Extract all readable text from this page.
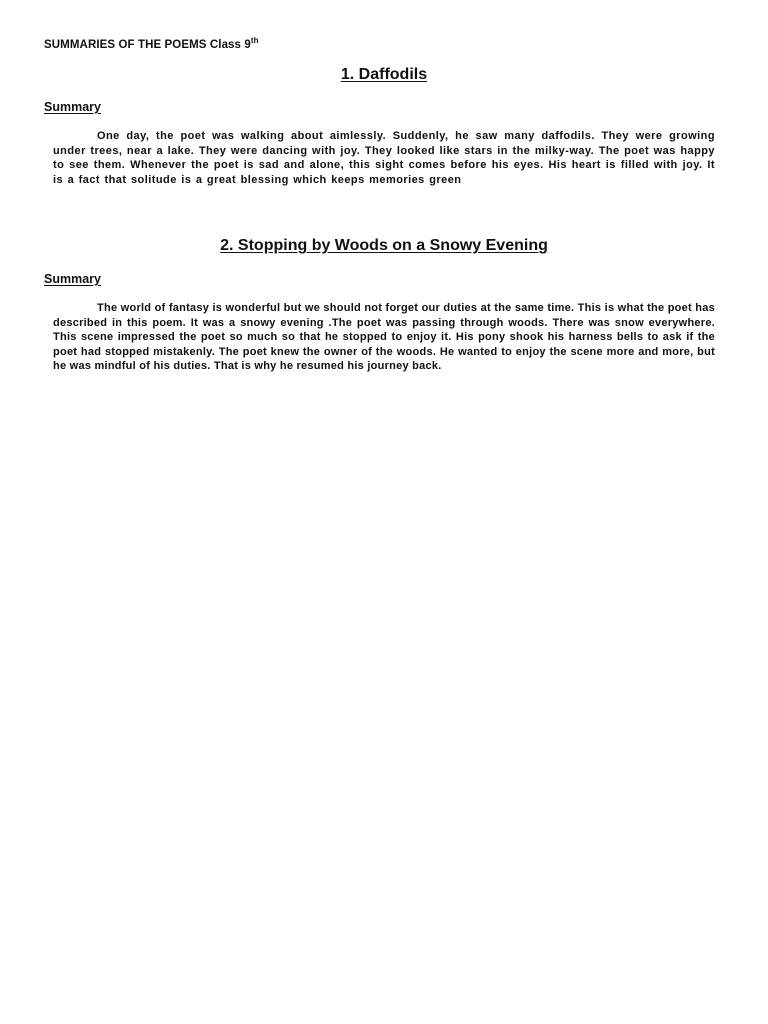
SUMMARIES OF THE POEMS Class 9th
1. Daffodils
Summary

One day, the poet was walking about aimlessly. Suddenly, he saw many daffodils. They were growing under trees, near a lake. They were dancing with joy. They looked like stars in the milky-way. The poet was happy to see them. Whenever the poet is sad and alone, this sight comes before his eyes. His heart is filled with joy. It is a fact that solitude is a great blessing which keeps memories green

2. Stopping by Woods on a Snowy Evening
Summary

The world of fantasy is wonderful but we should not forget our duties at the same time. This is what the poet has described in this poem. It was a snowy evening .The poet was passing through woods. There was snow everywhere. This scene impressed the poet so much so that he stopped to enjoy it. His pony shook his harness bells to ask if the poet had stopped mistakenly. The poet knew the owner of the woods. He wanted to enjoy the scene more and more, but he was mindful of his duties. That is why he resumed his journey back.
